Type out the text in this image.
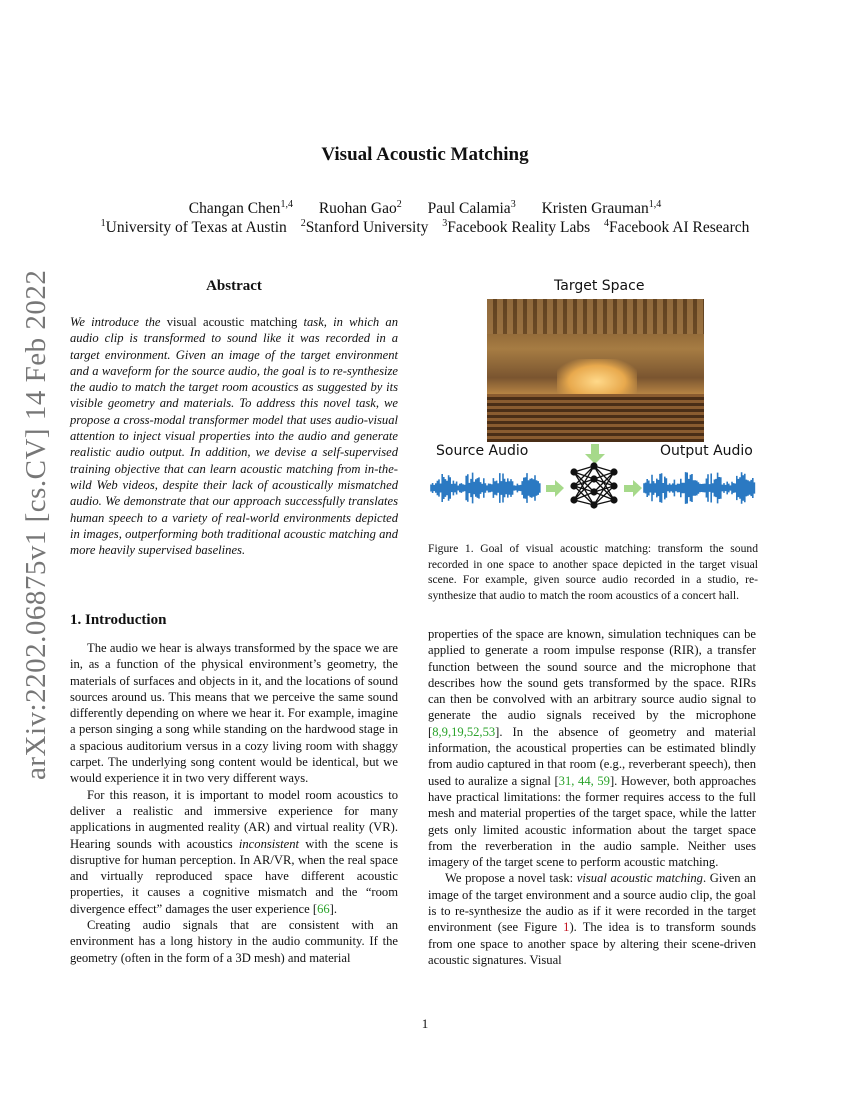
arXiv:2202.06875v1 [cs.CV] 14 Feb 2022
Visual Acoustic Matching
Changan Chen$^{1,4}$ Ruohan Gao$^2$ Paul Calamia$^3$ Kristen Grauman$^{1,4}$
$^1$University of Texas at Austin $^2$Stanford University $^3$Facebook Reality Labs $^4$Facebook AI Research
Abstract
We introduce the visual acoustic matching task, in which an audio clip is transformed to sound like it was recorded in a target environment. Given an image of the target environment and a waveform for the source audio, the goal is to re-synthesize the audio to match the target room acoustics as suggested by its visible geometry and materials. To address this novel task, we propose a cross-modal transformer model that uses audio-visual attention to inject visual properties into the audio and generate realistic audio output. In addition, we devise a self-supervised training objective that can learn acoustic matching from in-the-wild Web videos, despite their lack of acoustically mismatched audio. We demonstrate that our approach successfully translates human speech to a variety of real-world environments depicted in images, outperforming both traditional acoustic matching and more heavily supervised baselines.
1. Introduction

The audio we hear is always transformed by the space we are in, as a function of the physical environment’s geometry, the materials of surfaces and objects in it, and the locations of sound sources around us. This means that we perceive the same sound differently depending on where we hear it. For example, imagine a person singing a song while standing on the hardwood stage in a spacious auditorium versus in a cozy living room with shaggy carpet. The underlying song content would be identical, but we would experience it in two very different ways.

For this reason, it is important to model room acoustics to deliver a realistic and immersive experience for many applications in augmented reality (AR) and virtual reality (VR). Hearing sounds with acoustics inconsistent with the scene is disruptive for human perception. In AR/VR, when the real space and virtually reproduced space have different acoustic properties, it causes a cognitive mismatch and the “room divergence effect” damages the user experience [66].

Creating audio signals that are consistent with an environment has a long history in the audio community. If the geometry (often in the form of a 3D mesh) and material

Target Space
Source Audio	Output Audio
Figure 1. Goal of visual acoustic matching: transform the sound recorded in one space to another space depicted in the target visual scene. For example, given source audio recorded in a studio, re-synthesize that audio to match the room acoustics of a concert hall.

properties of the space are known, simulation techniques can be applied to generate a room impulse response (RIR), a transfer function between the sound source and the microphone that describes how the sound gets transformed by the space. RIRs can then be convolved with an arbitrary source audio signal to generate the audio signals received by the microphone [8,9,19,52,53]. In the absence of geometry and material information, the acoustical properties can be estimated blindly from audio captured in that room (e.g., reverberant speech), then used to auralize a signal [31, 44, 59]. However, both approaches have practical limitations: the former requires access to the full mesh and material properties of the target space, while the latter gets only limited acoustic information about the target space from the reverberation in the audio sample. Neither uses imagery of the target scene to perform acoustic matching.

We propose a novel task: visual acoustic matching. Given an image of the target environment and a source audio clip, the goal is to re-synthesize the audio as if it were recorded in the target environment (see Figure 1). The idea is to transform sounds from one space to another space by altering their scene-driven acoustic signatures. Visual

1
